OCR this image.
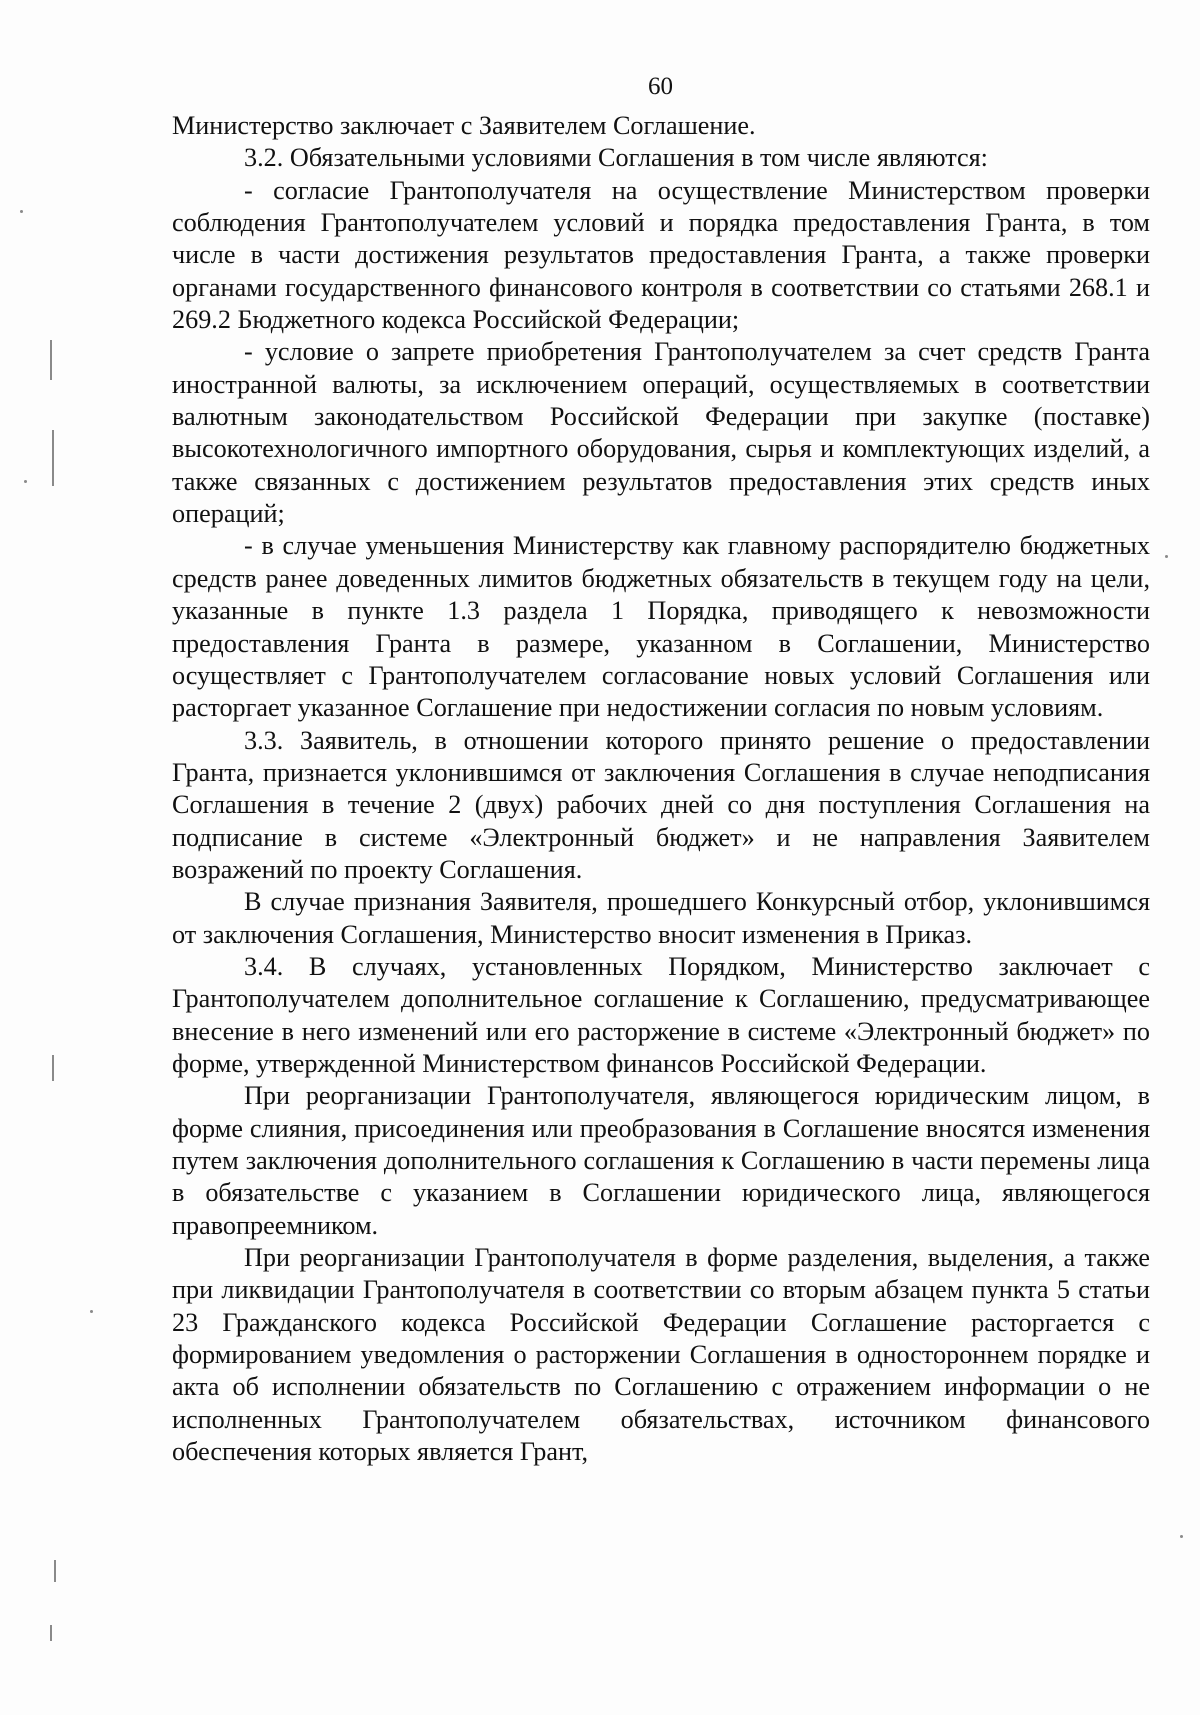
60

Министерство заключает с Заявителем Соглашение.

3.2. Обязательными условиями Соглашения в том числе являются:

- согласие Грантополучателя на осуществление Министерством проверки соблюдения Грантополучателем условий и порядка предоставления Гранта, в том числе в части достижения результатов предоставления Гранта, а также проверки органами государственного финансового контроля в соответствии со статьями 268.1 и 269.2 Бюджетного кодекса Российской Федерации;

- условие о запрете приобретения Грантополучателем за счет средств Гранта иностранной валюты, за исключением операций, осуществляемых в соответствии валютным законодательством Российской Федерации при закупке (поставке) высокотехнологичного импортного оборудования, сырья и комплектующих изделий, а также связанных с достижением результатов предоставления этих средств иных операций;

- в случае уменьшения Министерству как главному распорядителю бюджетных средств ранее доведенных лимитов бюджетных обязательств в текущем году на цели, указанные в пункте 1.3 раздела 1 Порядка, приводящего к невозможности предоставления Гранта в размере, указанном в Соглашении, Министерство осуществляет с Грантополучателем согласование новых условий Соглашения или расторгает указанное Соглашение при недостижении согласия по новым условиям.

3.3. Заявитель, в отношении которого принято решение о предоставлении Гранта, признается уклонившимся от заключения Соглашения в случае неподписания Соглашения в течение 2 (двух) рабочих дней со дня поступления Соглашения на подписание в системе «Электронный бюджет» и не направления Заявителем возражений по проекту Соглашения.

В случае признания Заявителя, прошедшего Конкурсный отбор, уклонившимся от заключения Соглашения, Министерство вносит изменения в Приказ.

3.4. В случаях, установленных Порядком, Министерство заключает с Грантополучателем дополнительное соглашение к Соглашению, предусматривающее внесение в него изменений или его расторжение в системе «Электронный бюджет» по форме, утвержденной Министерством финансов Российской Федерации.

При реорганизации Грантополучателя, являющегося юридическим лицом, в форме слияния, присоединения или преобразования в Соглашение вносятся изменения путем заключения дополнительного соглашения к Соглашению в части перемены лица в обязательстве с указанием в Соглашении юридического лица, являющегося правопреемником.

При реорганизации Грантополучателя в форме разделения, выделения, а также при ликвидации Грантополучателя в соответствии со вторым абзацем пункта 5 статьи 23 Гражданского кодекса Российской Федерации Соглашение расторгается с формированием уведомления о расторжении Соглашения в одностороннем порядке и акта об исполнении обязательств по Соглашению с отражением информации о не исполненных Грантополучателем обязательствах, источником финансового обеспечения которых является Грант,
